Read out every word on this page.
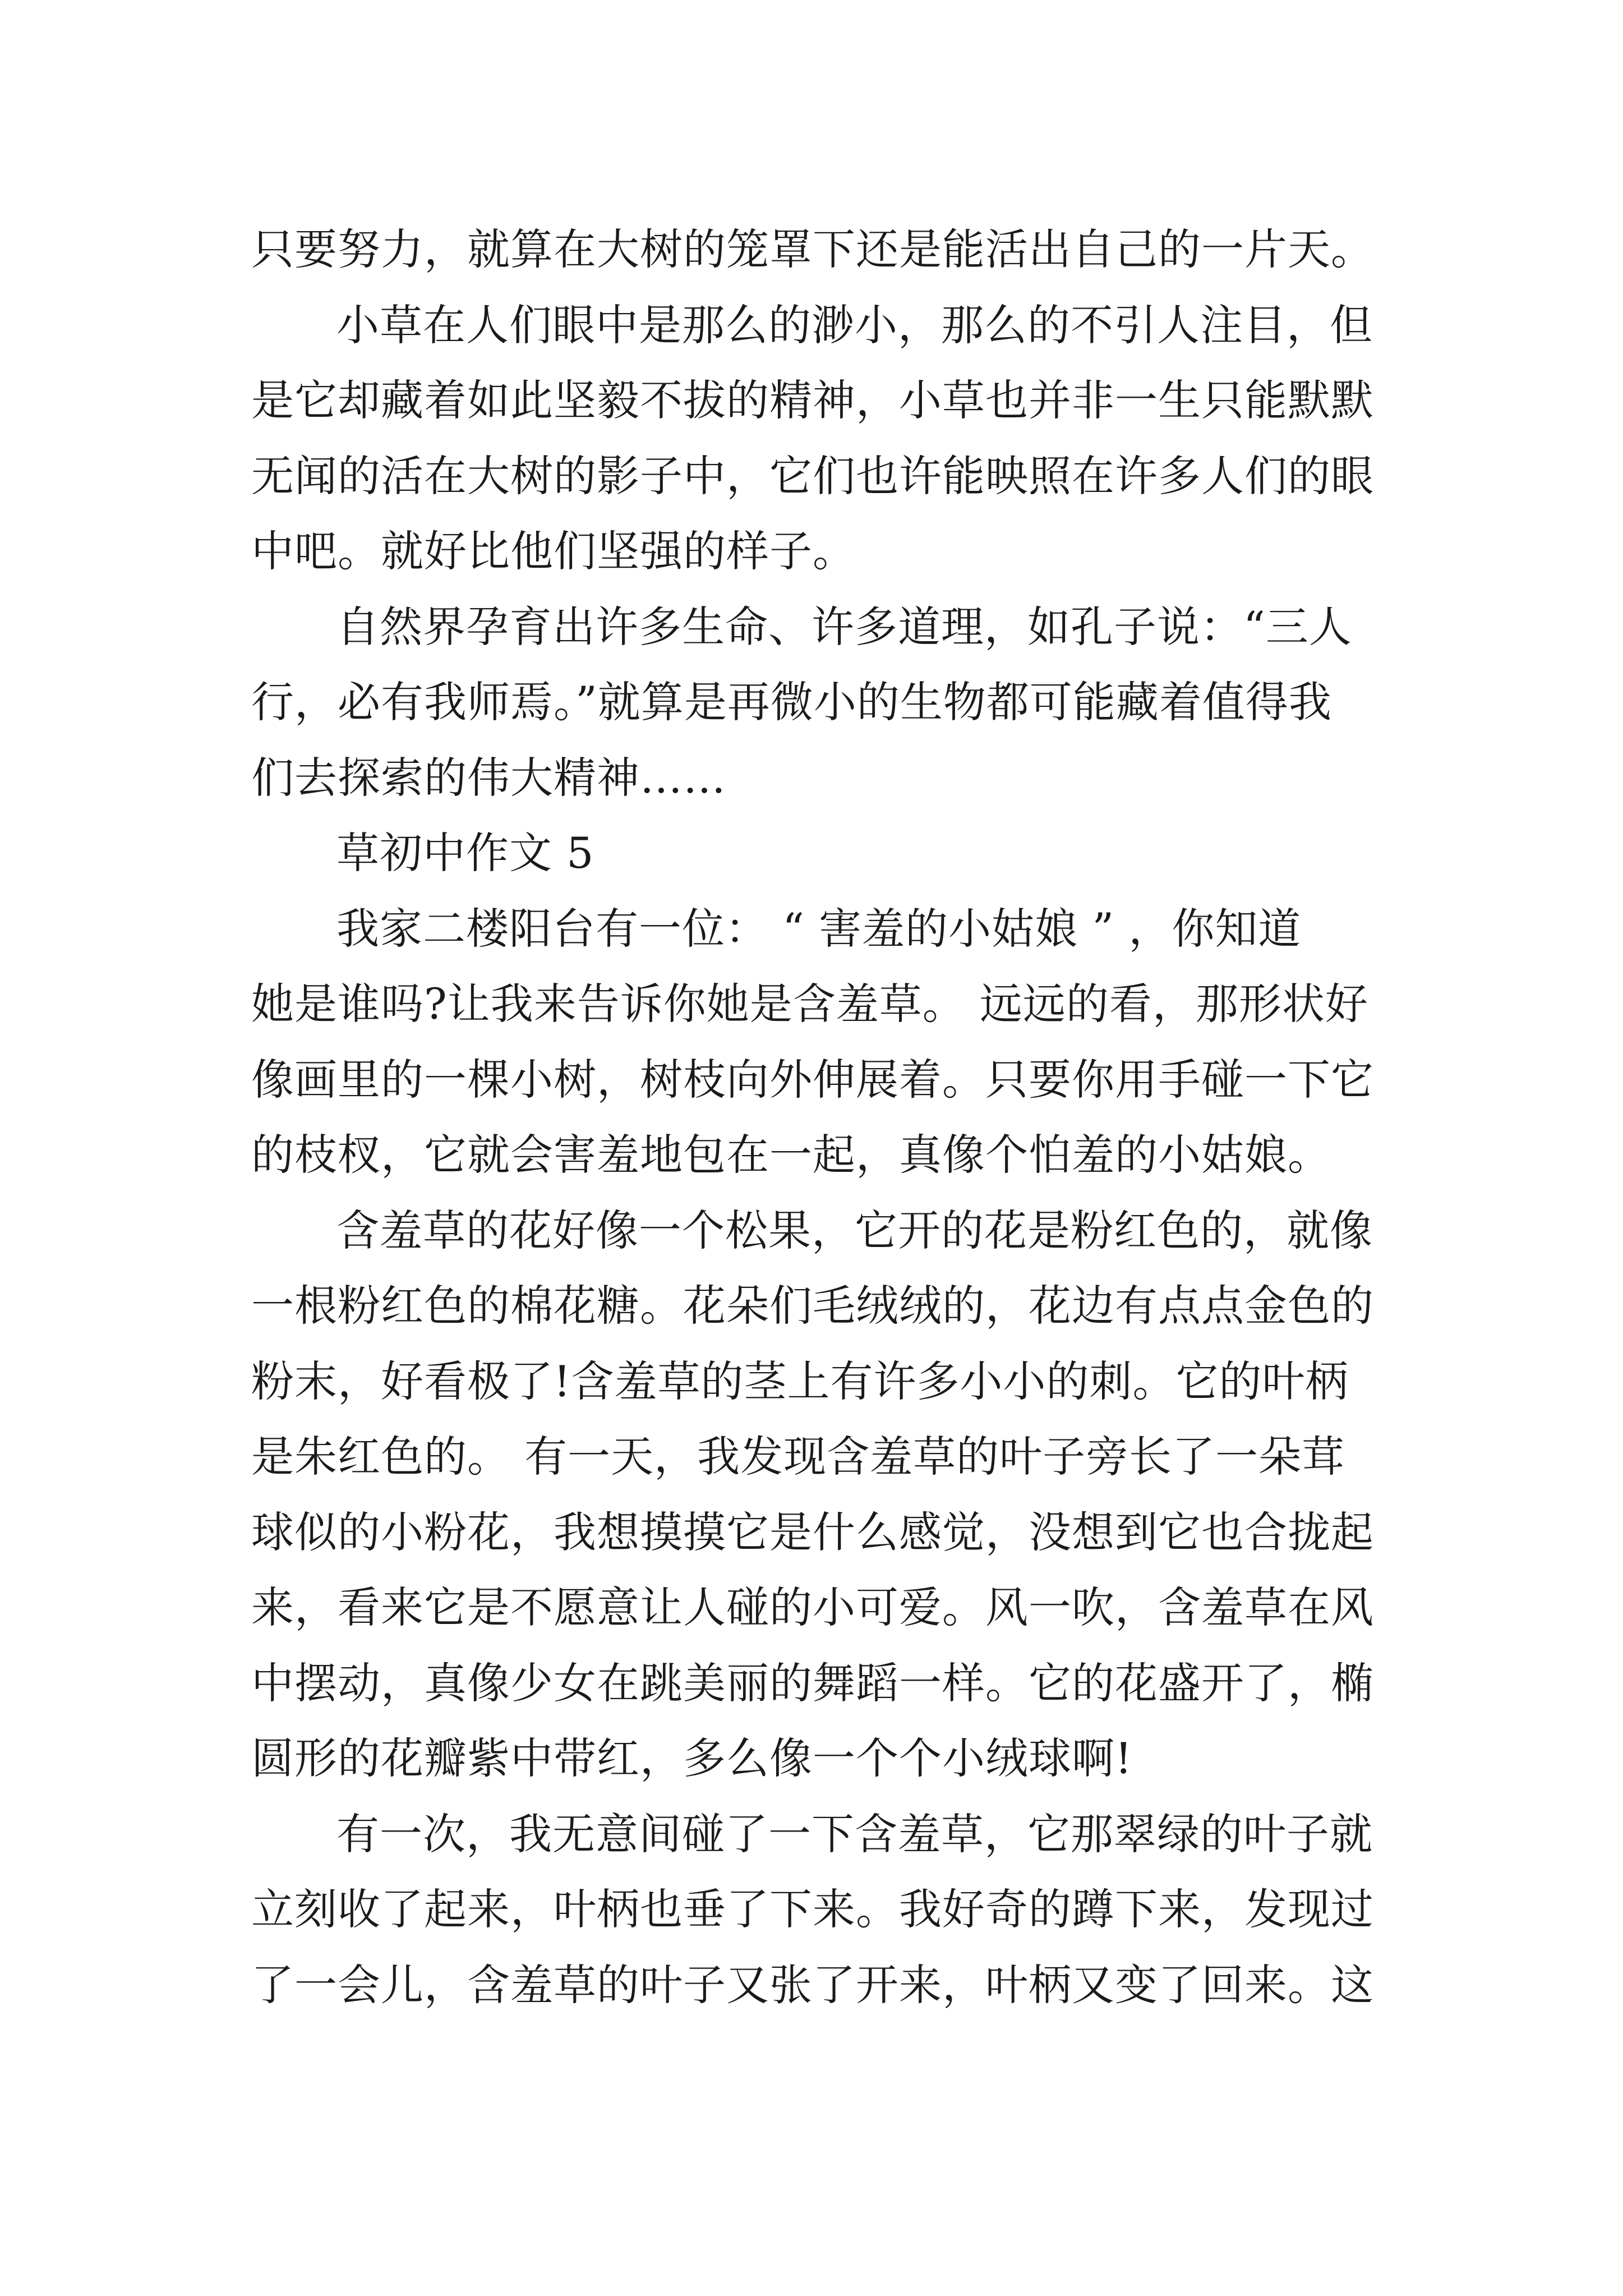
只要努力，就算在大树的笼罩下还是能活出自己的一片天。
小草在人们眼中是那么的渺小，那么的不引人注目，但
是它却藏着如此坚毅不拔的精神，小草也并非一生只能默默
无闻的活在大树的影子中，它们也许能映照在许多人们的眼
中吧。就好比他们坚强的样子。
自然界孕育出许多生命、许多道理，如孔子说：“三人
行，必有我师焉。”就算是再微小的生物都可能藏着值得我
们去探索的伟大精神……
草初中作文 5
我家二楼阳台有一位： “ 害羞的小姑娘 ” ，你知道
她是谁吗?让我来告诉你她是含羞草。 远远的看，那形状好
像画里的一棵小树，树枝向外伸展着。只要你用手碰一下它
的枝杈，它就会害羞地包在一起，真像个怕羞的小姑娘。
含羞草的花好像一个松果，它开的花是粉红色的，就像
一根粉红色的棉花糖。花朵们毛绒绒的，花边有点点金色的
粉末，好看极了!含羞草的茎上有许多小小的刺。它的叶柄
是朱红色的。 有一天，我发现含羞草的叶子旁长了一朵茸
球似的小粉花，我想摸摸它是什么感觉，没想到它也合拢起
来，看来它是不愿意让人碰的小可爱。风一吹，含羞草在风
中摆动，真像少女在跳美丽的舞蹈一样。它的花盛开了，椭
圆形的花瓣紫中带红，多么像一个个小绒球啊!
有一次，我无意间碰了一下含羞草，它那翠绿的叶子就
立刻收了起来，叶柄也垂了下来。我好奇的蹲下来，发现过
了一会儿，含羞草的叶子又张了开来，叶柄又变了回来。这
